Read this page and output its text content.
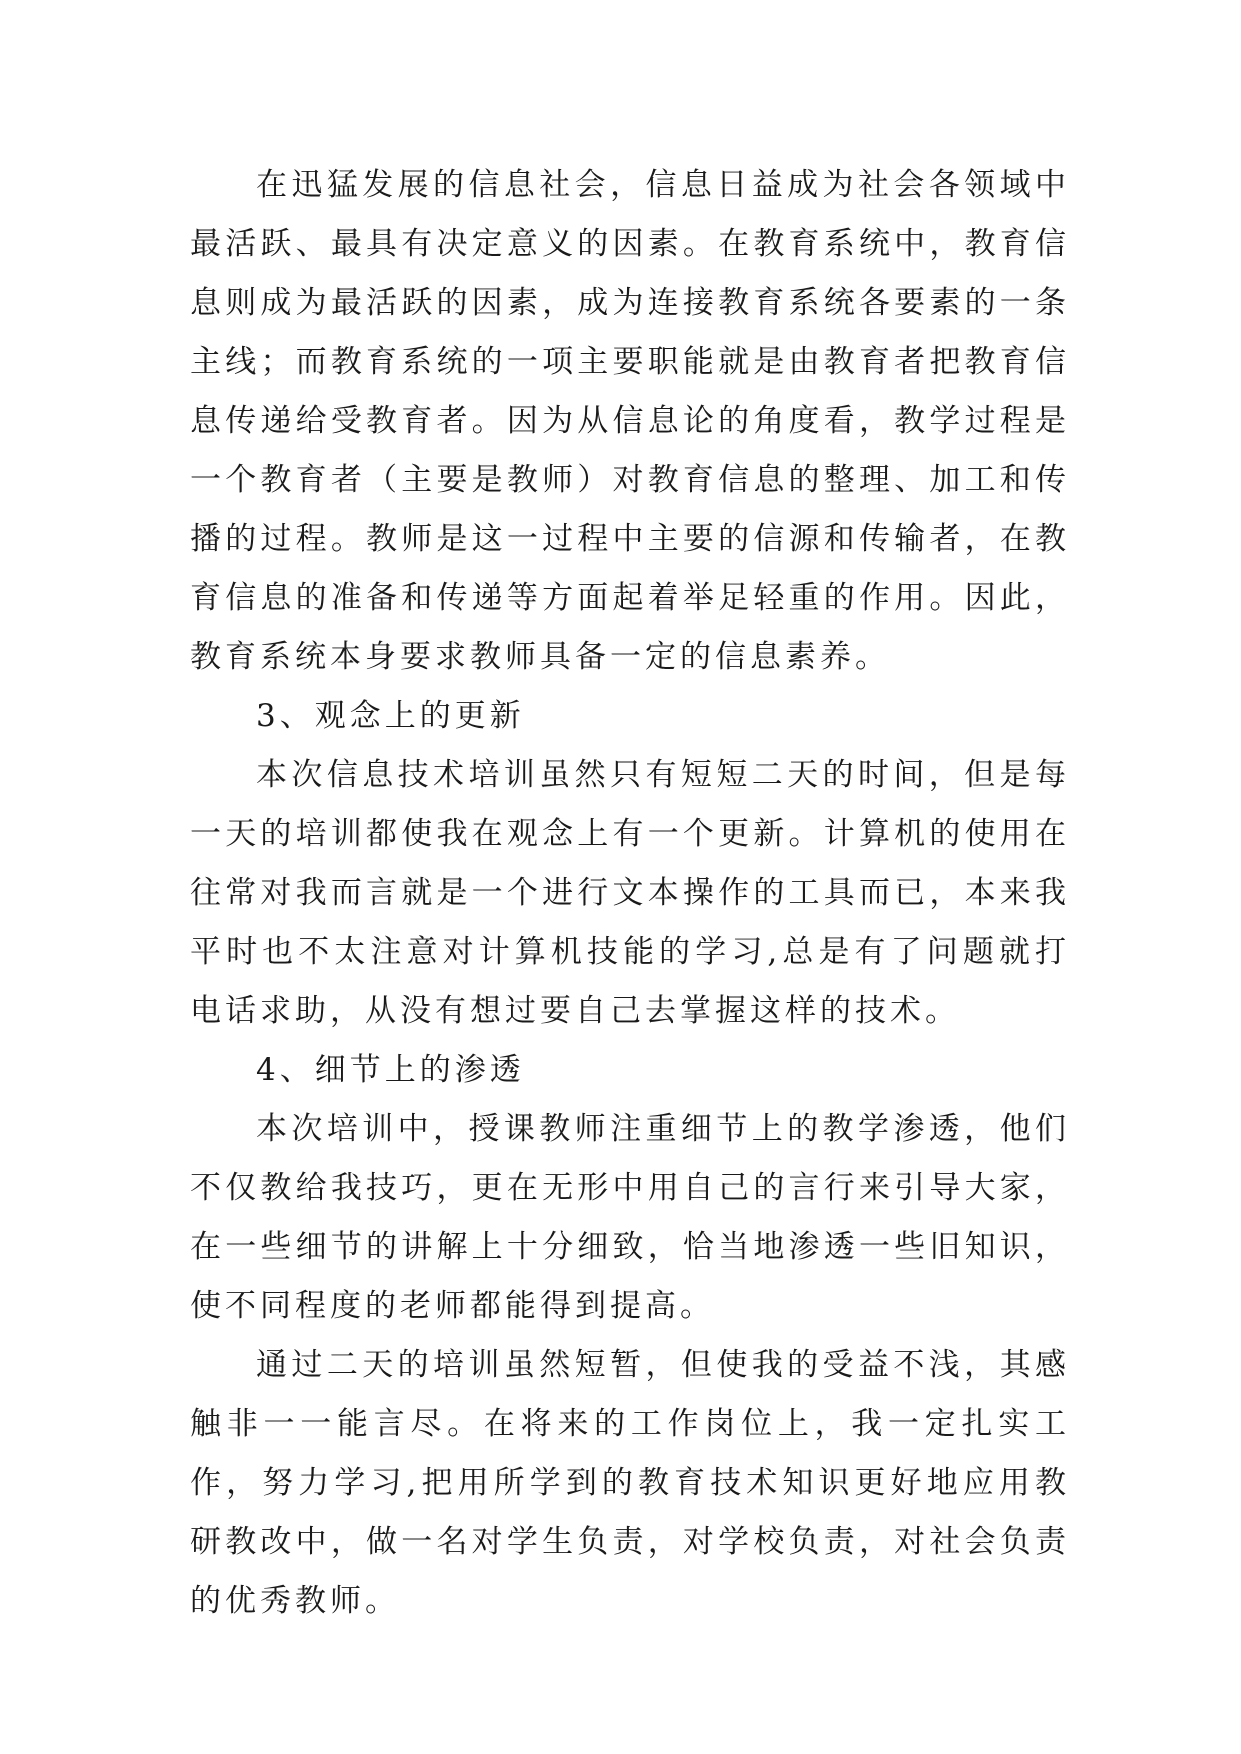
在迅猛发展的信息社会，信息日益成为社会各领域中最活跃、最具有决定意义的因素。在教育系统中，教育信息则成为最活跃的因素，成为连接教育系统各要素的一条主线；而教育系统的一项主要职能就是由教育者把教育信息传递给受教育者。因为从信息论的角度看，教学过程是一个教育者（主要是教师）对教育信息的整理、加工和传播的过程。教师是这一过程中主要的信源和传输者，在教育信息的准备和传递等方面起着举足轻重的作用。因此，教育系统本身要求教师具备一定的信息素养。

3、观念上的更新

本次信息技术培训虽然只有短短二天的时间，但是每一天的培训都使我在观念上有一个更新。计算机的使用在往常对我而言就是一个进行文本操作的工具而已，本来我平时也不太注意对计算机技能的学习,总是有了问题就打电话求助，从没有想过要自己去掌握这样的技术。

4、细节上的渗透

本次培训中，授课教师注重细节上的教学渗透，他们不仅教给我技巧，更在无形中用自己的言行来引导大家，在一些细节的讲解上十分细致，恰当地渗透一些旧知识，使不同程度的老师都能得到提高。

通过二天的培训虽然短暂，但使我的受益不浅，其感触非一一能言尽。在将来的工作岗位上，我一定扎实工作，努力学习,把用所学到的教育技术知识更好地应用教研教改中，做一名对学生负责，对学校负责，对社会负责的优秀教师。
